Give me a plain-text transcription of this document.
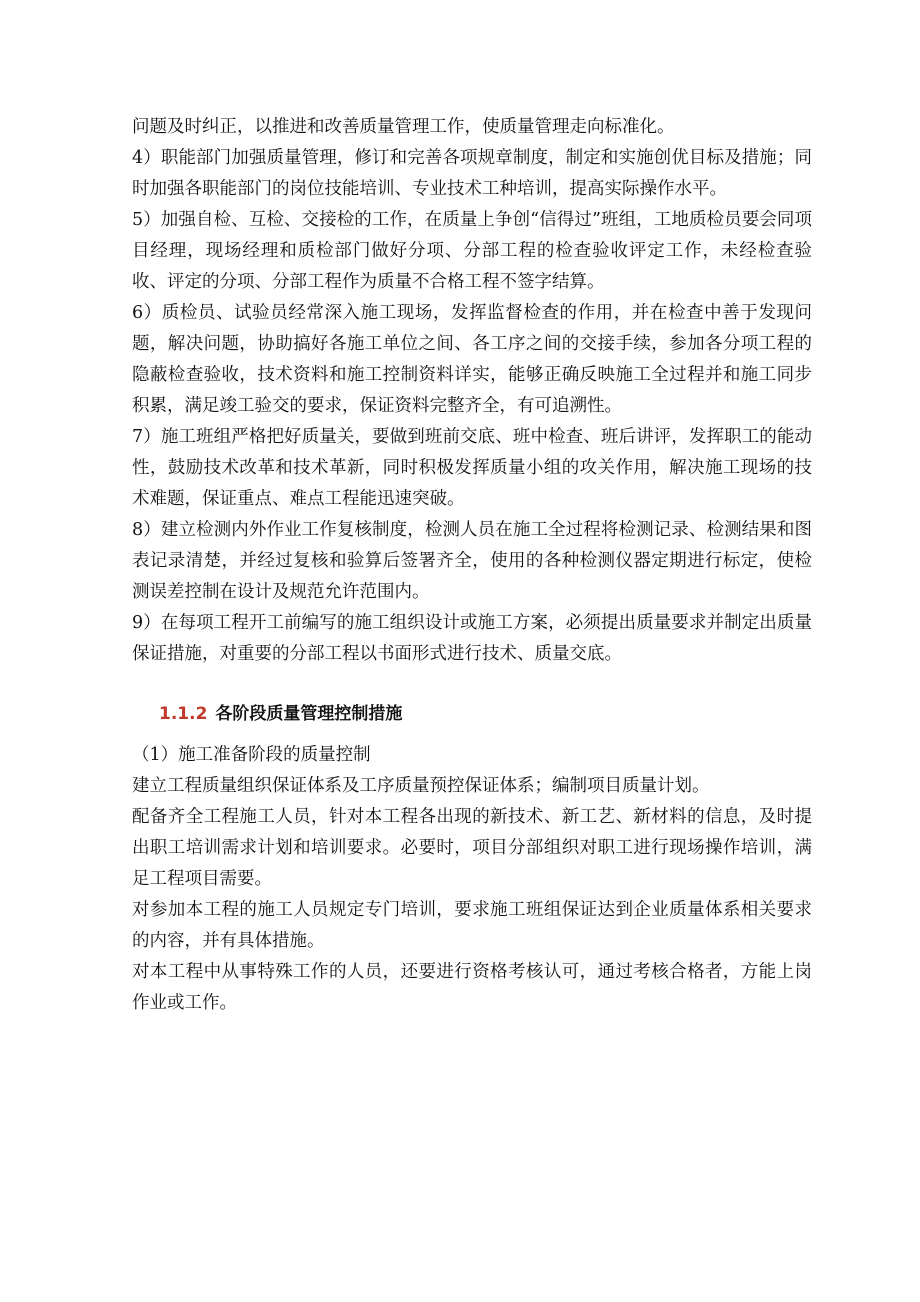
问题及时纠正，以推进和改善质量管理工作，使质量管理走向标准化。

4）职能部门加强质量管理，修订和完善各项规章制度，制定和实施创优目标及措施；同时加强各职能部门的岗位技能培训、专业技术工种培训，提高实际操作水平。

5）加强自检、互检、交接检的工作，在质量上争创“信得过”班组，工地质检员要会同项目经理，现场经理和质检部门做好分项、分部工程的检查验收评定工作，未经检查验收、评定的分项、分部工程作为质量不合格工程不签字结算。

6）质检员、试验员经常深入施工现场，发挥监督检查的作用，并在检查中善于发现问题，解决问题，协助搞好各施工单位之间、各工序之间的交接手续，参加各分项工程的隐蔽检查验收，技术资料和施工控制资料详实，能够正确反映施工全过程并和施工同步积累，满足竣工验交的要求，保证资料完整齐全，有可追溯性。

7）施工班组严格把好质量关，要做到班前交底、班中检查、班后讲评，发挥职工的能动性，鼓励技术改革和技术革新，同时积极发挥质量小组的攻关作用，解决施工现场的技术难题，保证重点、难点工程能迅速突破。

8）建立检测内外作业工作复核制度，检测人员在施工全过程将检测记录、检测结果和图表记录清楚，并经过复核和验算后签署齐全，使用的各种检测仪器定期进行标定，使检测误差控制在设计及规范允许范围内。

9）在每项工程开工前编写的施工组织设计或施工方案，必须提出质量要求并制定出质量保证措施，对重要的分部工程以书面形式进行技术、质量交底。

1.1.2 各阶段质量管理控制措施

（1）施工准备阶段的质量控制

建立工程质量组织保证体系及工序质量预控保证体系；编制项目质量计划。

配备齐全工程施工人员，针对本工程各出现的新技术、新工艺、新材料的信息，及时提出职工培训需求计划和培训要求。必要时，项目分部组织对职工进行现场操作培训，满足工程项目需要。

对参加本工程的施工人员规定专门培训，要求施工班组保证达到企业质量体系相关要求的内容，并有具体措施。

对本工程中从事特殊工作的人员，还要进行资格考核认可，通过考核合格者，方能上岗作业或工作。
